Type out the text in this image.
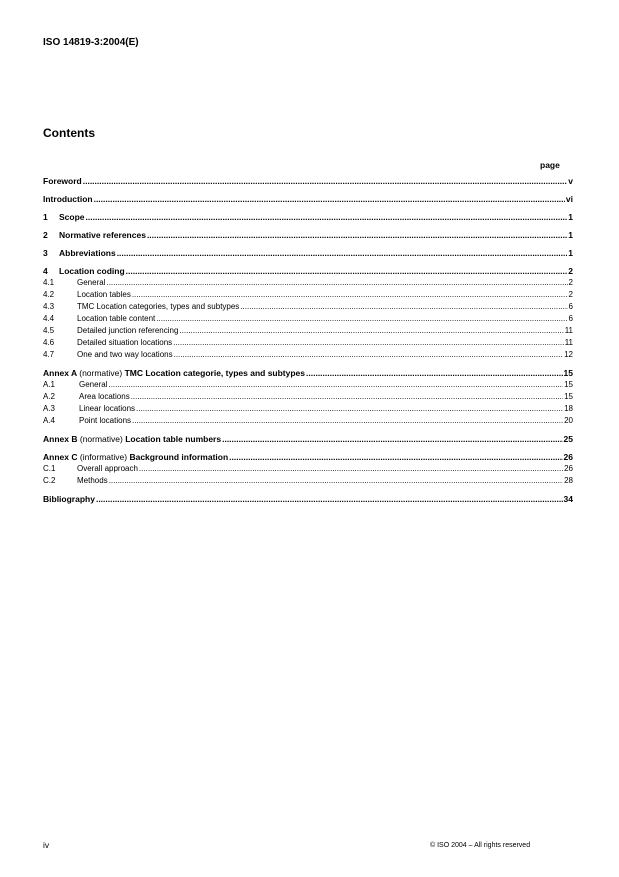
ISO 14819-3:2004(E)
Contents
page
Foreword .....	v
Introduction .....	vi
1	Scope .....	1
2	Normative references .....	1
3	Abbreviations .....	1
4	Location coding .....	2
4.1	General .....	2
4.2	Location tables .....	2
4.3	TMC Location categories, types and subtypes .....	6
4.4	Location table content .....	6
4.5	Detailed junction referencing .....	11
4.6	Detailed situation locations .....	11
4.7	One and two way locations .....	12
Annex A (normative) TMC Location categorie, types and subtypes .....	15
A.1	General .....	15
A.2	Area locations .....	15
A.3	Linear locations .....	18
A.4	Point locations .....	20
Annex B (normative) Location table numbers .....	25
Annex C (informative) Background information .....	26
C.1	Overall approach .....	26
C.2	Methods .....	28
Bibliography .....	34
iv	© ISO 2004 – All rights reserved
